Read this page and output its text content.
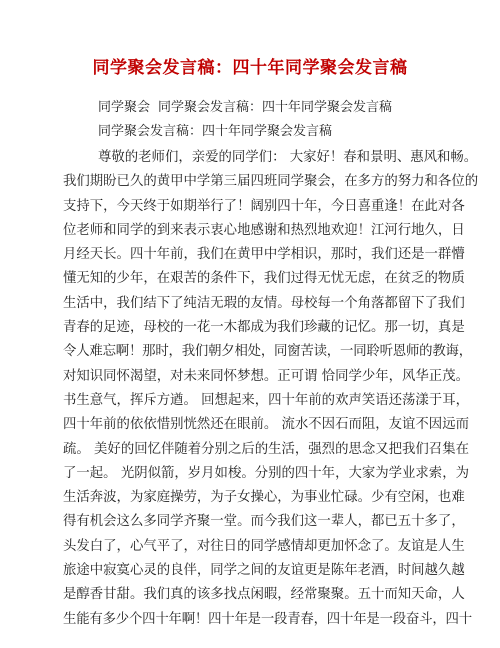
同学聚会发言稿：四十年同学聚会发言稿
同学聚会 同学聚会发言稿：四十年同学聚会发言稿
同学聚会发言稿：四十年同学聚会发言稿
尊敬的老师们，亲爱的同学们： 大家好！春和景明、惠风和畅。
我们期盼已久的黄甲中学第三届四班同学聚会，在多方的努力和各位的
支持下，今天终于如期举行了！阔别四十年，今日喜重逢！在此对各
位老师和同学的到来表示衷心地感谢和热烈地欢迎！江河行地久，日
月经天长。四十年前，我们在黄甲中学相识，那时，我们还是一群懵
懂无知的少年，在艰苦的条件下，我们过得无忧无虑，在贫乏的物质
生活中，我们结下了纯洁无瑕的友情。母校每一个角落都留下了我们
青春的足迹，母校的一花一木都成为我们珍藏的记忆。那一切，真是
令人难忘啊！那时，我们朝夕相处，同窗苦读，一同聆听恩师的教诲，
对知识同怀渴望，对未来同怀梦想。正可谓 恰同学少年，风华正茂。
书生意气，挥斥方遒。 回想起来，四十年前的欢声笑语还荡漾于耳，
四十年前的依依惜别恍然还在眼前。 流水不因石而阻，友谊不因远而
疏。 美好的回忆伴随着分别之后的生活，强烈的思念又把我们召集在
了一起。 光阴似箭，岁月如梭。分别的四十年，大家为学业求索，为
生活奔波，为家庭操劳，为子女操心，为事业忙碌。少有空闲，也难
得有机会这么多同学齐聚一堂。而今我们这一辈人，都已五十多了，
头发白了，心气平了，对往日的同学感情却更加怀念了。友谊是人生
旅途中寂寞心灵的良伴，同学之间的友谊更是陈年老酒，时间越久越
是醇香甘甜。我们真的该多找点闲暇，经常聚聚。五十而知天命，人
生能有多少个四十年啊！四十年是一段青春，四十年是一段奋斗，四十
